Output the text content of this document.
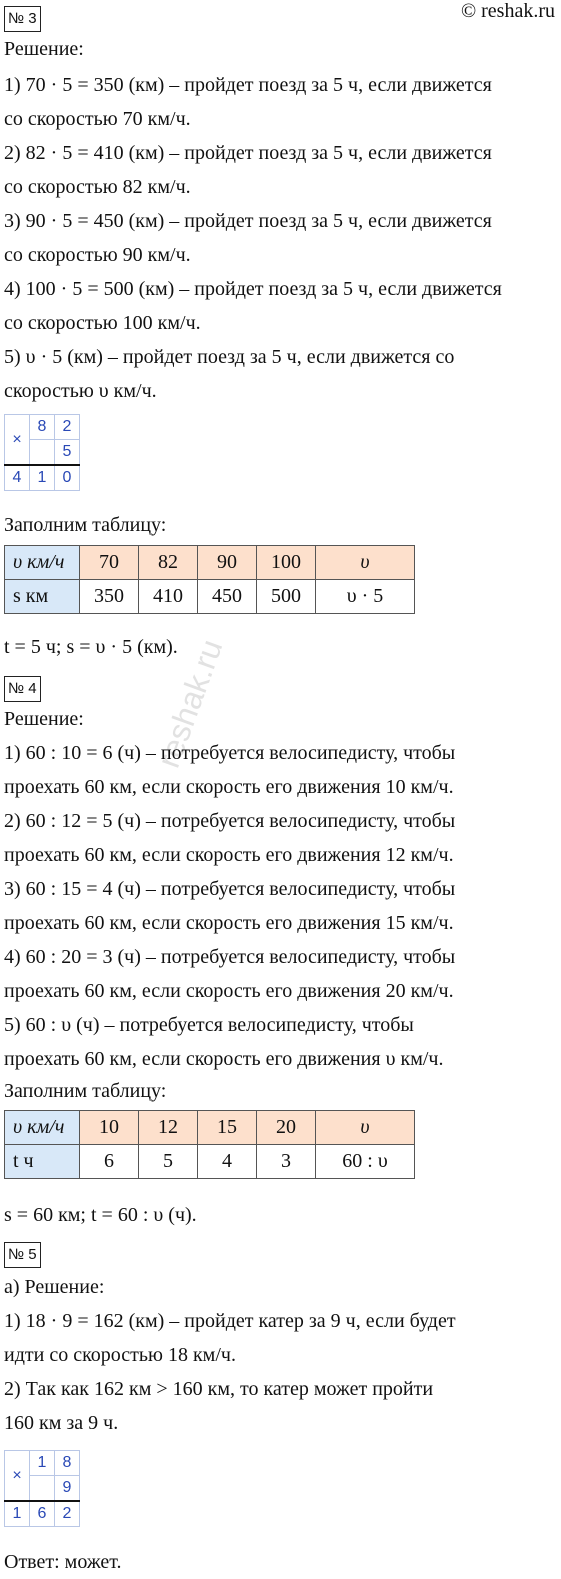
© reshak.ru
reshak.ru
№ 3
Решение:
1) 70 · 5 = 350 (км) – пройдет поезд за 5 ч, если движется
со скоростью 70 км/ч.
2) 82 · 5 = 410 (км) – пройдет поезд за 5 ч, если движется
со скоростью 82 км/ч.
3) 90 · 5 = 450 (км) – пройдет поезд за 5 ч, если движется
со скоростью 90 км/ч.
4) 100 · 5 = 500 (км) – пройдет поезд за 5 ч, если движется
со скоростью 100 км/ч.
5) υ · 5 (км) – пройдет поезд за 5 ч, если движется со
скоростью υ км/ч.
×	8	2
		5
4	1	0
Заполним таблицу:
υ км/ч	70	82	90	100	υ
s км	350	410	450	500	υ · 5
t = 5 ч; s = υ · 5 (км).
№ 4
Решение:
1) 60 : 10 = 6 (ч) – потребуется велосипедисту, чтобы
проехать 60 км, если скорость его движения 10 км/ч.
2) 60 : 12 = 5 (ч) – потребуется велосипедисту, чтобы
проехать 60 км, если скорость его движения 12 км/ч.
3) 60 : 15 = 4 (ч) – потребуется велосипедисту, чтобы
проехать 60 км, если скорость его движения 15 км/ч.
4) 60 : 20 = 3 (ч) – потребуется велосипедисту, чтобы
проехать 60 км, если скорость его движения 20 км/ч.
5) 60 : υ (ч) – потребуется велосипедисту, чтобы
проехать 60 км, если скорость его движения υ км/ч.
Заполним таблицу:
υ км/ч	10	12	15	20	υ
t ч	6	5	4	3	60 : υ
s = 60 км; t = 60 : υ (ч).
№ 5
а) Решение:
1) 18 · 9 = 162 (км) – пройдет катер за 9 ч, если будет
идти со скоростью 18 км/ч.
2) Так как 162 км > 160 км, то катер может пройти
160 км за 9 ч.
×	1	8
		9
1	6	2
Ответ: может.
